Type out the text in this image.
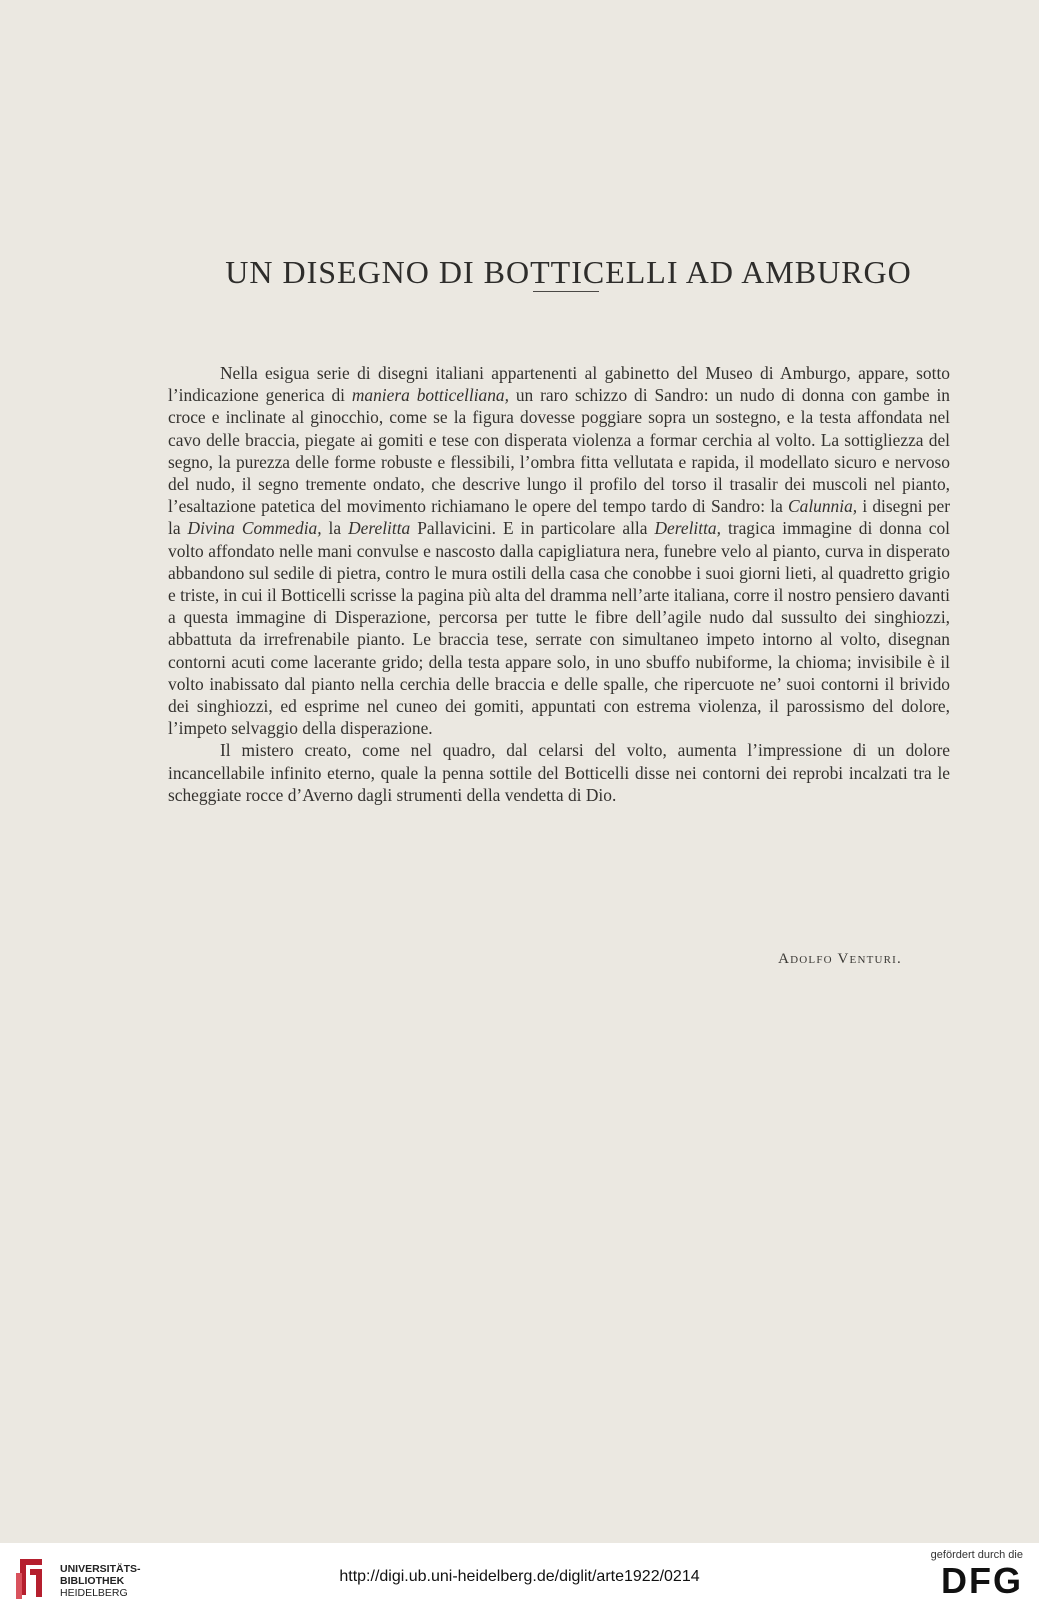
UN DISEGNO DI BOTTICELLI AD AMBURGO

Nella esigua serie di disegni italiani appartenenti al gabinetto del Museo di Amburgo, appare, sotto l’indicazione generica di maniera botticelliana, un raro schizzo di Sandro: un nudo di donna con gambe in croce e inclinate al ginocchio, come se la figura dovesse poggiare sopra un sostegno, e la testa affondata nel cavo delle braccia, piegate ai gomiti e tese con disperata violenza a formar cerchia al volto. La sottigliezza del segno, la purezza delle forme robuste e flessibili, l’ombra fitta vellutata e rapida, il modellato sicuro e nervoso del nudo, il segno tremente ondato, che descrive lungo il profilo del torso il trasalir dei muscoli nel pianto, l’esaltazione patetica del movimento richiamano le opere del tempo tardo di Sandro: la Calunnia, i disegni per la Divina Commedia, la Derelitta Pallavicini. E in particolare alla Derelitta, tragica immagine di donna col volto affondato nelle mani convulse e nascosto dalla capigliatura nera, funebre velo al pianto, curva in disperato abbandono sul sedile di pietra, contro le mura ostili della casa che conobbe i suoi giorni lieti, al quadretto grigio e triste, in cui il Botticelli scrisse la pagina più alta del dramma nell’arte italiana, corre il nostro pensiero davanti a questa immagine di Disperazione, percorsa per tutte le fibre dell’agile nudo dal sussulto dei singhiozzi, abbattuta da irrefrenabile pianto. Le braccia tese, serrate con simultaneo impeto intorno al volto, disegnan contorni acuti come lacerante grido; della testa appare solo, in uno sbuffo nubiforme, la chioma; invisibile è il volto inabissato dal pianto nella cerchia delle braccia e delle spalle, che ripercuote ne’ suoi contorni il brivido dei singhiozzi, ed esprime nel cuneo dei gomiti, appuntati con estrema violenza, il parossismo del dolore, l’impeto selvaggio della disperazione.

Il mistero creato, come nel quadro, dal celarsi del volto, aumenta l’impressione di un dolore incancellabile infinito eterno, quale la penna sottile del Botticelli disse nei contorni dei reprobi incalzati tra le scheggiate rocce d’Averno dagli strumenti della vendetta di Dio.

Adolfo Venturi.
UNIVERSITÄTS-
BIBLIOTHEK
HEIDELBERG
http://digi.ub.uni-heidelberg.de/diglit/arte1922/0214
gefördert durch die
DFG
